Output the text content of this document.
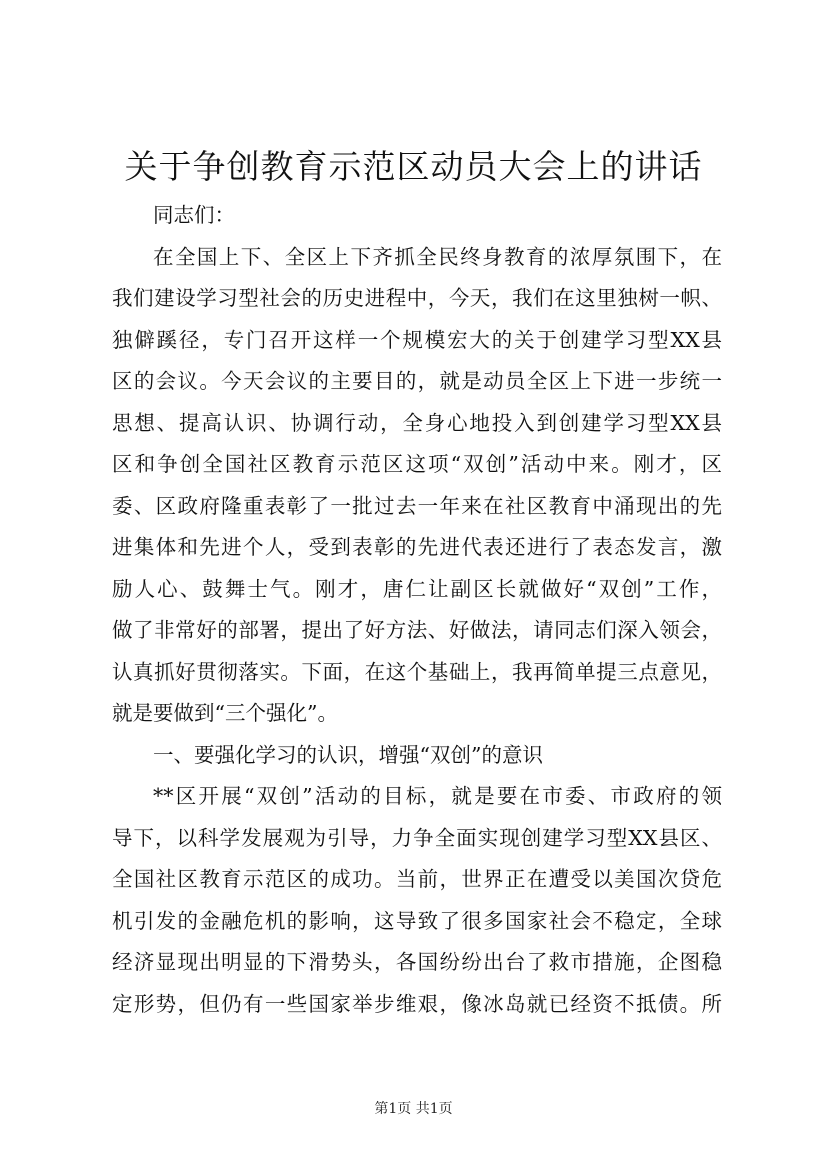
关于争创教育示范区动员大会上的讲话
同志们：
在全国上下、全区上下齐抓全民终身教育的浓厚氛围下，在
我们建设学习型社会的历史进程中，今天，我们在这里独树一帜、
独僻蹊径，专门召开这样一个规模宏大的关于创建学习型XX县
区的会议。今天会议的主要目的，就是动员全区上下进一步统一
思想、提高认识、协调行动，全身心地投入到创建学习型XX县
区和争创全国社区教育示范区这项“双创”活动中来。刚才，区
委、区政府隆重表彰了一批过去一年来在社区教育中涌现出的先
进集体和先进个人，受到表彰的先进代表还进行了表态发言，激
励人心、鼓舞士气。刚才，唐仁让副区长就做好“双创”工作，
做了非常好的部署，提出了好方法、好做法，请同志们深入领会，
认真抓好贯彻落实。下面，在这个基础上，我再简单提三点意见，
就是要做到“三个强化”。
一、要强化学习的认识，增强“双创”的意识
**区开展“双创”活动的目标，就是要在市委、市政府的领
导下，以科学发展观为引导，力争全面实现创建学习型XX县区、
全国社区教育示范区的成功。当前，世界正在遭受以美国次贷危
机引发的金融危机的影响，这导致了很多国家社会不稳定，全球
经济显现出明显的下滑势头，各国纷纷出台了救市措施，企图稳
定形势，但仍有一些国家举步维艰，像冰岛就已经资不抵债。所
第1页 共1页
